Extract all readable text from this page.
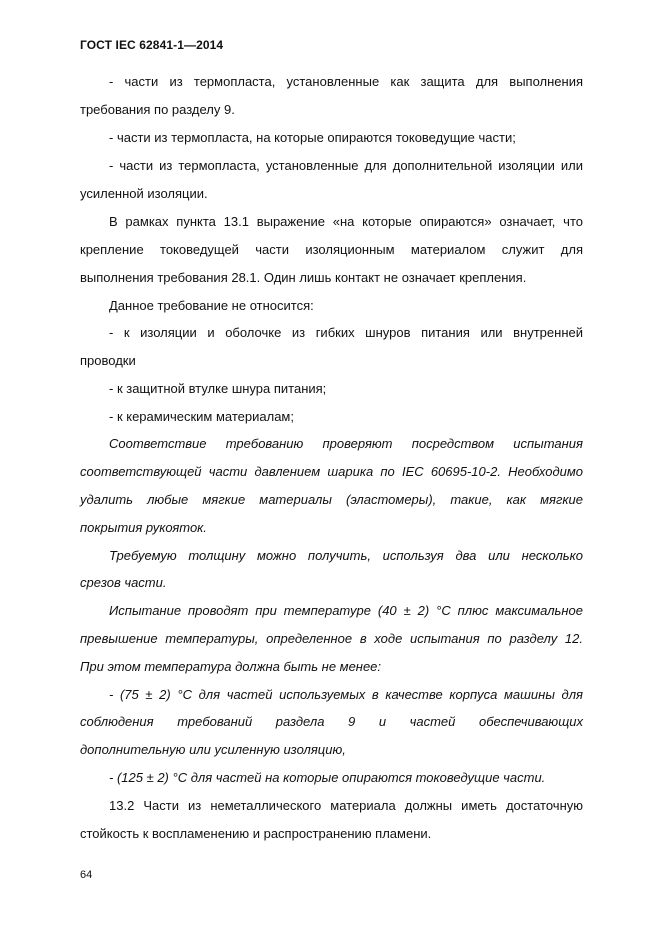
ГОСТ IEC 62841-1—2014
- части из термопласта, установленные как защита для выполнения
требования по разделу 9.
- части из термопласта, на которые опираются токоведущие части;
- части из термопласта, установленные для дополнительной изоляции или
усиленной изоляции.
В рамках пункта 13.1 выражение «на которые опираются» означает, что
крепление токоведущей части изоляционным материалом служит для
выполнения требования 28.1. Один лишь контакт не означает крепления.
Данное требование не относится:
- к изоляции и оболочке из гибких шнуров питания или внутренней
проводки
- к защитной втулке шнура питания;
- к керамическим материалам;
Соответствие требованию проверяют посредством испытания
соответствующей части давлением шарика по IEC 60695-10-2. Необходимо
удалить любые мягкие материалы (эластомеры), такие, как мягкие
покрытия рукояток.
Требуемую толщину можно получить, используя два или несколько
срезов части.
Испытание проводят при температуре (40 ± 2) °С плюс максимальное
превышение температуры, определенное в ходе испытания по разделу 12.
При этом температура должна быть не менее:
- (75 ± 2) °С для частей используемых в качестве корпуса машины для
соблюдения требований раздела 9 и частей обеспечивающих
дополнительную или усиленную изоляцию,
- (125 ± 2) °С для частей на которые опираются токоведущие части.
13.2 Части из неметаллического материала должны иметь достаточную
стойкость к воспламенению и распространению пламени.
64
